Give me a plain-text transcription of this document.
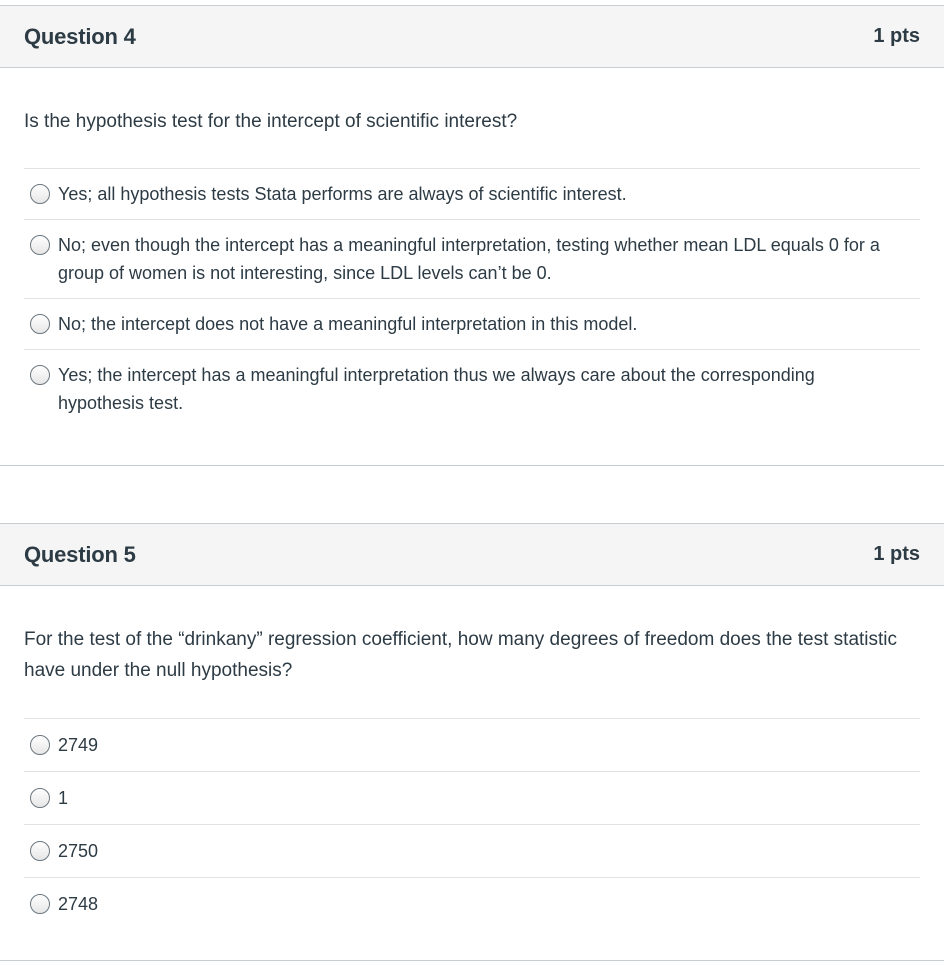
Question 4	1 pts
Is the hypothesis test for the intercept of scientific interest?
Yes; all hypothesis tests Stata performs are always of scientific interest.
No; even though the intercept has a meaningful interpretation, testing whether mean LDL equals 0 for a group of women is not interesting, since LDL levels can’t be 0.
No; the intercept does not have a meaningful interpretation in this model.
Yes; the intercept has a meaningful interpretation thus we always care about the corresponding hypothesis test.
Question 5	1 pts
For the test of the “drinkany” regression coefficient, how many degrees of freedom does the test statistic have under the null hypothesis?
2749
1
2750
2748
